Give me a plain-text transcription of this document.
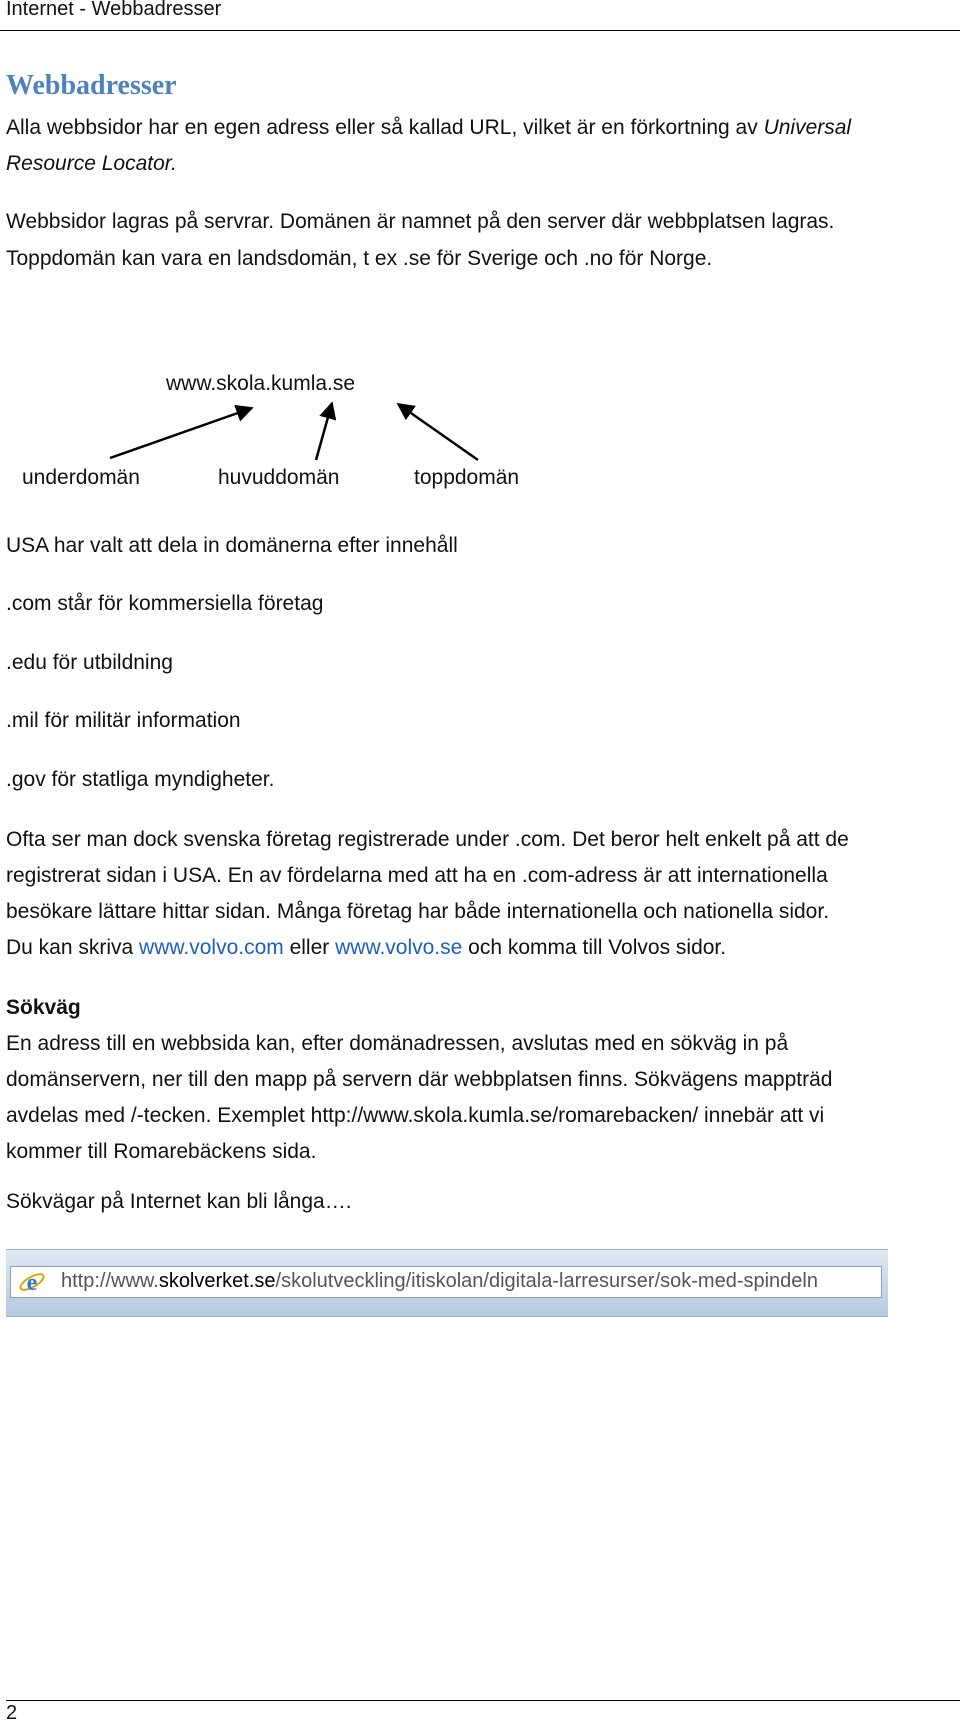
Internet - Webbadresser
Webbadresser
Alla webbsidor har en egen adress eller så kallad URL, vilket är en förkortning av Universal
Resource Locator.
Webbsidor lagras på servrar. Domänen är namnet på den server där webbplatsen lagras.
Toppdomän kan vara en landsdomän, t ex .se för Sverige och .no för Norge.
www.skola.kumla.se
underdomän	huvuddomän	toppdomän
USA har valt att dela in domänerna efter innehåll
.com står för kommersiella företag
.edu för utbildning
.mil för militär information
.gov för statliga myndigheter.
Ofta ser man dock svenska företag registrerade under .com. Det beror helt enkelt på att de
registrerat sidan i USA. En av fördelarna med att ha en .com-adress är att internationella
besökare lättare hittar sidan. Många företag har både internationella och nationella sidor.
Du kan skriva www.volvo.com eller www.volvo.se och komma till Volvos sidor.
Sökväg
En adress till en webbsida kan, efter domänadressen, avslutas med en sökväg in på
domänservern, ner till den mapp på servern där webbplatsen finns. Sökvägens mappträd
avdelas med /-tecken. Exemplet http://www.skola.kumla.se/romarebacken/ innebär att vi
kommer till Romarebäckens sida.
Sökvägar på Internet kan bli långa….
e http://www.skolverket.se/skolutveckling/itiskolan/digitala-larresurser/sok-med-spindeln
2
